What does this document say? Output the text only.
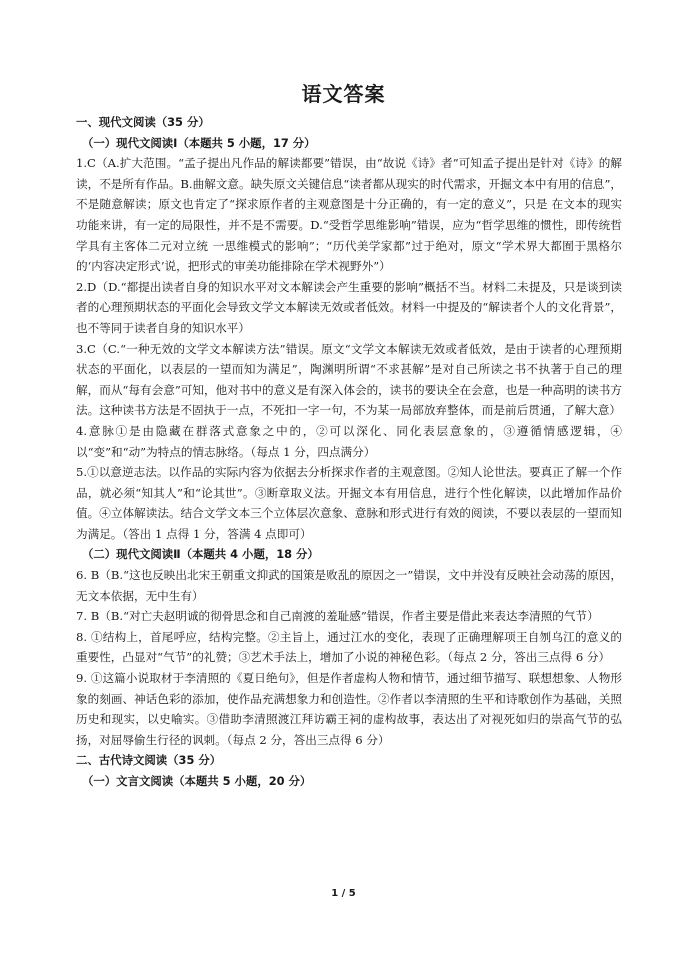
语文答案

一、现代文阅读（35 分）

（一）现代文阅读Ⅰ（本题共 5 小题，17 分）

1.C（A.扩大范围。“孟子提出凡作品的解读都要”错误，由“故说《诗》者”可知孟子提出是针对《诗》的解读，不是所有作品。B.曲解文意。缺失原文关键信息“读者都从现实的时代需求，开掘文本中有用的信息”， 不是随意解读；原文也肯定了“探求原作者的主观意图是十分正确的，有一定的意义”，只是 在文本的现实功能来讲，有一定的局限性，并不是不需要。D.“受哲学思维影响”错误，应为“哲学思维的惯性，即传统哲学具有主客体二元对立统 一思维模式的影响”；“历代美学家都”过于绝对，原文“学术界大都囿于黑格尔的‘内容决定形式’说，把形式的审美功能排除在学术视野外”）

2.D（D.“都提出读者自身的知识水平对文本解读会产生重要的影响”概括不当。材料二未提及，只是谈到读者的心理预期状态的平面化会导致文学文本解读无效或者低效。材料一中提及的“解读者个人的文化背景”，也不等同于读者自身的知识水平）

3.C（C.“一种无效的文学文本解读方法”错误。原文“文学文本解读无效或者低效，是由于读者的心理预期状态的平面化，以表层的一望而知为满足”，陶渊明所谓“不求甚解”是对自己所读之书不执著于自己的理解，而从“每有会意”可知，他对书中的意义是有深入体会的，读书的要诀全在会意，也是一种高明的读书方法。这种读书方法是不固执于一点，不死扣一字一句，不为某一局部放弃整体，而是前后贯通，了解大意）

4.意脉①是由隐藏在群落式意象之中的，②可以深化、同化表层意象的，③遵循情感逻辑，④以“变”和“动”为特点的情志脉络。（每点 1 分，四点满分）

5.①以意逆志法。以作品的实际内容为依据去分析探求作者的主观意图。②知人论世法。要真正了解一个作品，就必须“知其人”和“论其世”。③断章取义法。开掘文本有用信息，进行个性化解读，以此增加作品价值。④立体解读法。结合文学文本三个立体层次意象、意脉和形式进行有效的阅读，不要以表层的一望而知为满足。（答出 1 点得 1 分，答满 4 点即可）

（二）现代文阅读Ⅱ（本题共 4 小题，18 分）

6. B（B.“这也反映出北宋王朝重文抑武的国策是败乱的原因之一”错误，文中并没有反映社会动荡的原因，无文本依据，无中生有）

7. B（B.“对亡夫赵明诚的彻骨思念和自己南渡的羞耻感”错误，作者主要是借此来表达李清照的气节）

8. ①结构上，首尾呼应，结构完整。②主旨上，通过江水的变化，表现了正确理解项王自刎乌江的意义的重要性，凸显对“气节”的礼赞；③艺术手法上，增加了小说的神秘色彩。（每点 2 分，答出三点得 6 分）

9. ①这篇小说取材于李清照的《夏日绝句》，但是作者虚构人物和情节，通过细节描写、联想想象、人物形象的刻画、神话色彩的添加，使作品充满想象力和创造性。②作者以李清照的生平和诗歌创作为基础，关照历史和现实，以史喻实。③借助李清照渡江拜访霸王祠的虚构故事，表达出了对视死如归的崇高气节的弘扬，对屈辱偷生行径的讽刺。（每点 2 分，答出三点得 6 分）

二、古代诗文阅读（35 分）

（一）文言文阅读（本题共 5 小题，20 分）

1 / 5
